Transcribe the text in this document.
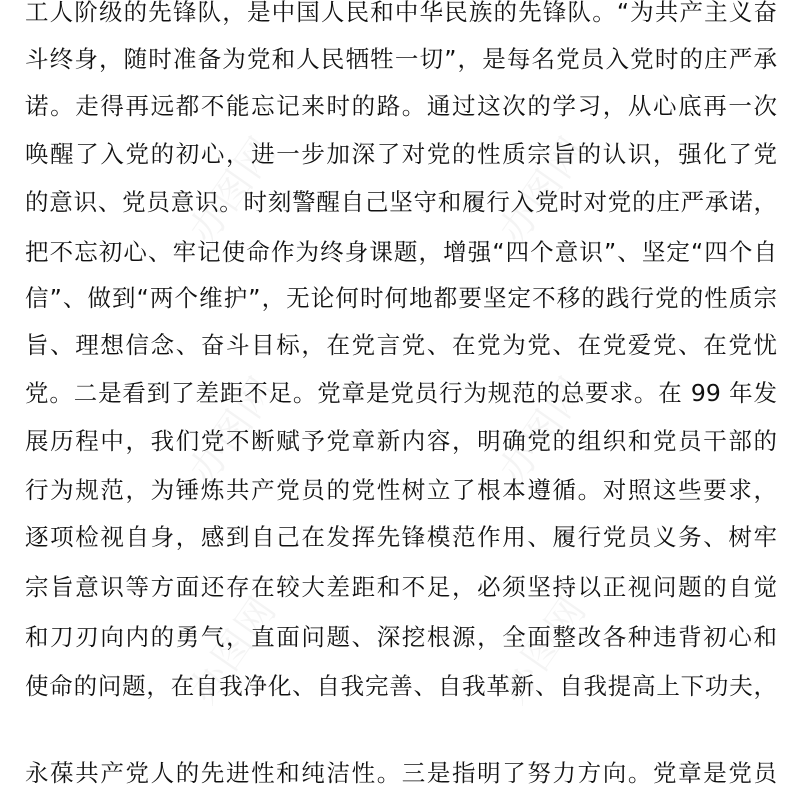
工人阶级的先锋队，是中国人民和中华民族的先锋队。“为共产主义奋
斗终身，随时准备为党和人民牺牲一切”，是每名党员入党时的庄严承
诺。走得再远都不能忘记来时的路。通过这次的学习，从心底再一次
唤醒了入党的初心，进一步加深了对党的性质宗旨的认识，强化了党
的意识、党员意识。时刻警醒自己坚守和履行入党时对党的庄严承诺，
把不忘初心、牢记使命作为终身课题，增强“四个意识”、坚定“四个自
信”、做到“两个维护”，无论何时何地都要坚定不移的践行党的性质宗
旨、理想信念、奋斗目标，在党言党、在党为党、在党爱党、在党忧
党。二是看到了差距不足。党章是党员行为规范的总要求。在 99 年发
展历程中，我们党不断赋予党章新内容，明确党的组织和党员干部的
行为规范，为锤炼共产党员的党性树立了根本遵循。对照这些要求，
逐项检视自身，感到自己在发挥先锋模范作用、履行党员义务、树牢
宗旨意识等方面还存在较大差距和不足，必须坚持以正视问题的自觉
和刀刃向内的勇气，直面问题、深挖根源，全面整改各种违背初心和
使命的问题，在自我净化、自我完善、自我革新、自我提高上下功夫，
永葆共产党人的先进性和纯洁性。三是指明了努力方向。党章是党员
